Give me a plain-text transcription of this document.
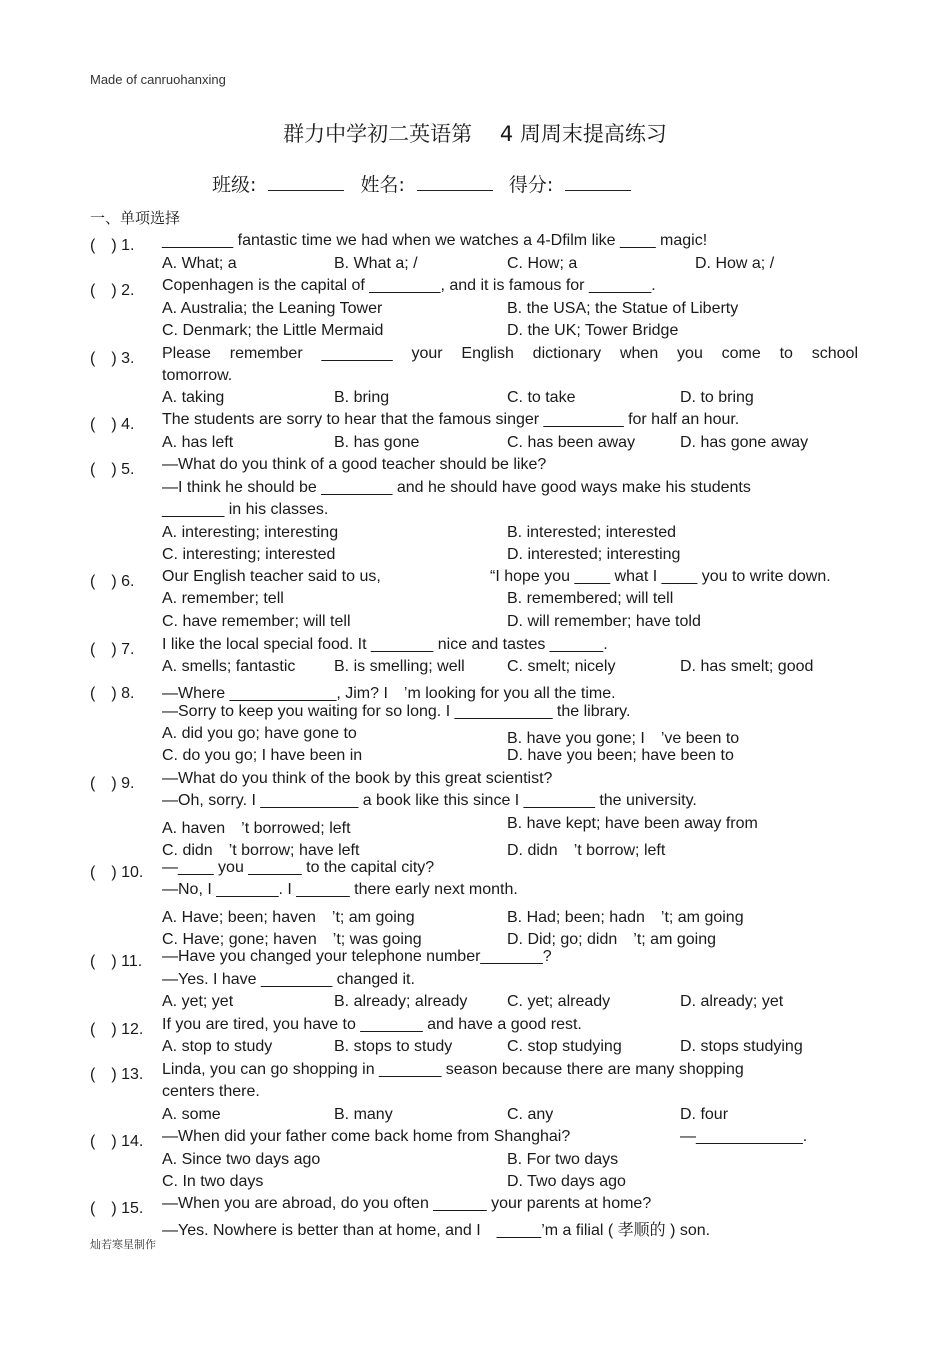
Made of canruohanxing
群力中学初二英语第　 4 周周末提高练习
班级:	姓名:	得分:
一、单项选择
(　) 1. ________ fantastic time we had when we watches a 4-Dfilm like ____ magic!
A. What; a	B. What a; /	C. How; a	D. How a; /
(　) 2. Copenhagen is the capital of ________, and it is famous for _______.
A. Australia; the Leaning Tower	B. the USA; the Statue of Liberty
C. Denmark; the Little Mermaid	D. the UK; Tower Bridge
(　) 3. Please remember ________ your English dictionary when you come to school
tomorrow.
A. taking	B. bring	C. to take	D. to bring
(　) 4. The students are sorry to hear that the famous singer _________ for half an hour.
A. has left	B. has gone	C. has been away	D. has gone away
(　) 5. —What do you think of a good teacher should be like?
—I think he should be ________ and he should have good ways make his students
_______ in his classes.
A. interesting; interesting	B. interested; interested
C. interesting; interested	D. interested; interesting
(　) 6. Our English teacher said to us,	“I hope you ____ what I ____ you to write down.
A. remember; tell	B. remembered; will tell
C. have remember; will tell	D. will remember; have told
(　) 7. I like the local special food. It _______ nice and tastes ______.
A. smells; fantastic B. is smelling; well	C. smelt; nicely	D. has smelt; good
(　) 8. —Where ____________, Jim? I　’m looking for you all the time.
—Sorry to keep you waiting for so long. I ___________ the library.
A. did you go; have gone to	B. have you gone; I　’ve been to
C. do you go; I have been in	D. have you been; have been to
(　) 9. —What do you think of the book by this great scientist?
—Oh, sorry. I ___________ a book like this since I ________ the university.
A. haven　’t borrowed; left	B. have kept; have been away from
C. didn　’t borrow; have left	D. didn　’t borrow; left
(　) 10. —____ you ______ to the capital city?
—No, I _______. I ______ there early next month.
A. Have; been; haven　’t; am going	B. Had; been; hadn　’t; am going
C. Have; gone; haven　’t; was going	D. Did; go; didn　’t; am going
(　) 11. —Have you changed your telephone number_______?
—Yes. I have ________ changed it.
A. yet; yet	B. already; already C. yet; already	D. already; yet
(　) 12. If you are tired, you have to _______ and have a good rest.
A. stop to study	B. stops to study	C. stop studying	D. stops studying
(　) 13. Linda, you can go shopping in _______ season because there are many shopping
centers there.
A. some	B. many	C. any	D. four
(　) 14. —When did your father come back home from Shanghai?	—____________.
A. Since two days ago	B. For two days
C. In two days	D. Two days ago
(　) 15. —When you are abroad, do you often ______ your parents at home?
—Yes. Nowhere is better than at home, and I　_____’m a filial ( 孝顺的 ) son.
灿若寒星制作
